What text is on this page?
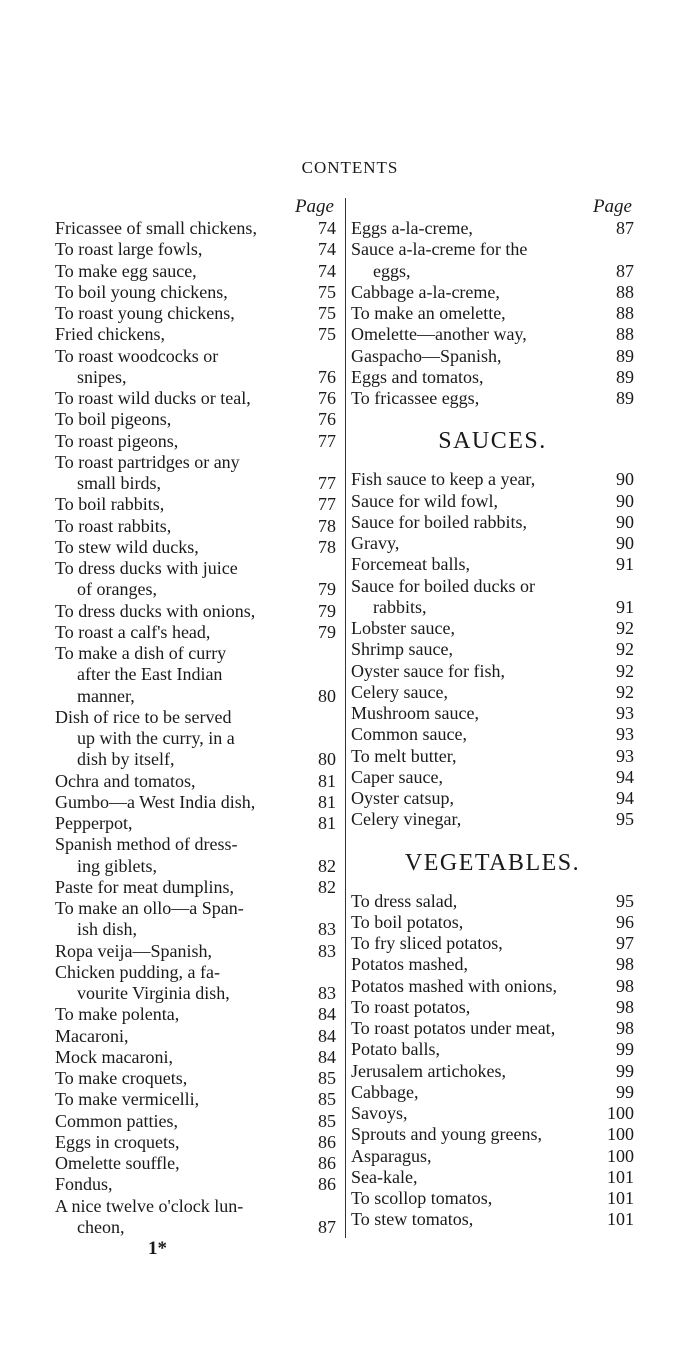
CONTENTS
Page
Fricassee of small chickens,	74
To roast large fowls,	74
To make egg sauce,	74
To boil young chickens,	75
To roast young chickens,	75
Fried chickens,	75
To roast woodcocks or
snipes,	76
To roast wild ducks or teal,	76
To boil pigeons,	76
To roast pigeons,	77
To roast partridges or any
small birds,	77
To boil rabbits,	77
To roast rabbits,	78
To stew wild ducks,	78
To dress ducks with juice
of oranges,	79
To dress ducks with onions,	79
To roast a calf's head,	79
To make a dish of curry
after the East Indian
manner,	80
Dish of rice to be served
up with the curry, in a
dish by itself,	80
Ochra and tomatos,	81
Gumbo—a West India dish,	81
Pepperpot,	81
Spanish method of dress-
ing giblets,	82
Paste for meat dumplins,	82
To make an ollo—a Span-
ish dish,	83
Ropa veija—Spanish,	83
Chicken pudding, a fa-
vourite Virginia dish,	83
To make polenta,	84
Macaroni,	84
Mock macaroni,	84
To make croquets,	85
To make vermicelli,	85
Common patties,	85
Eggs in croquets,	86
Omelette souffle,	86
Fondus,	86
A nice twelve o'clock lun-
cheon,	87
Page
Eggs a-la-creme,	87
Sauce a-la-creme for the
eggs,	87
Cabbage a-la-creme,	88
To make an omelette,	88
Omelette—another way,	88
Gaspacho—Spanish,	89
Eggs and tomatos,	89
To fricassee eggs,	89
SAUCES.
Fish sauce to keep a year,	90
Sauce for wild fowl,	90
Sauce for boiled rabbits,	90
Gravy,	90
Forcemeat balls,	91
Sauce for boiled ducks or
rabbits,	91
Lobster sauce,	92
Shrimp sauce,	92
Oyster sauce for fish,	92
Celery sauce,	92
Mushroom sauce,	93
Common sauce,	93
To melt butter,	93
Caper sauce,	94
Oyster catsup,	94
Celery vinegar,	95
VEGETABLES.
To dress salad,	95
To boil potatos,	96
To fry sliced potatos,	97
Potatos mashed,	98
Potatos mashed with onions,	98
To roast potatos,	98
To roast potatos under meat,	98
Potato balls,	99
Jerusalem artichokes,	99
Cabbage,	99
Savoys,	100
Sprouts and young greens,	100
Asparagus,	100
Sea-kale,	101
To scollop tomatos,	101
To stew tomatos,	101
1*
